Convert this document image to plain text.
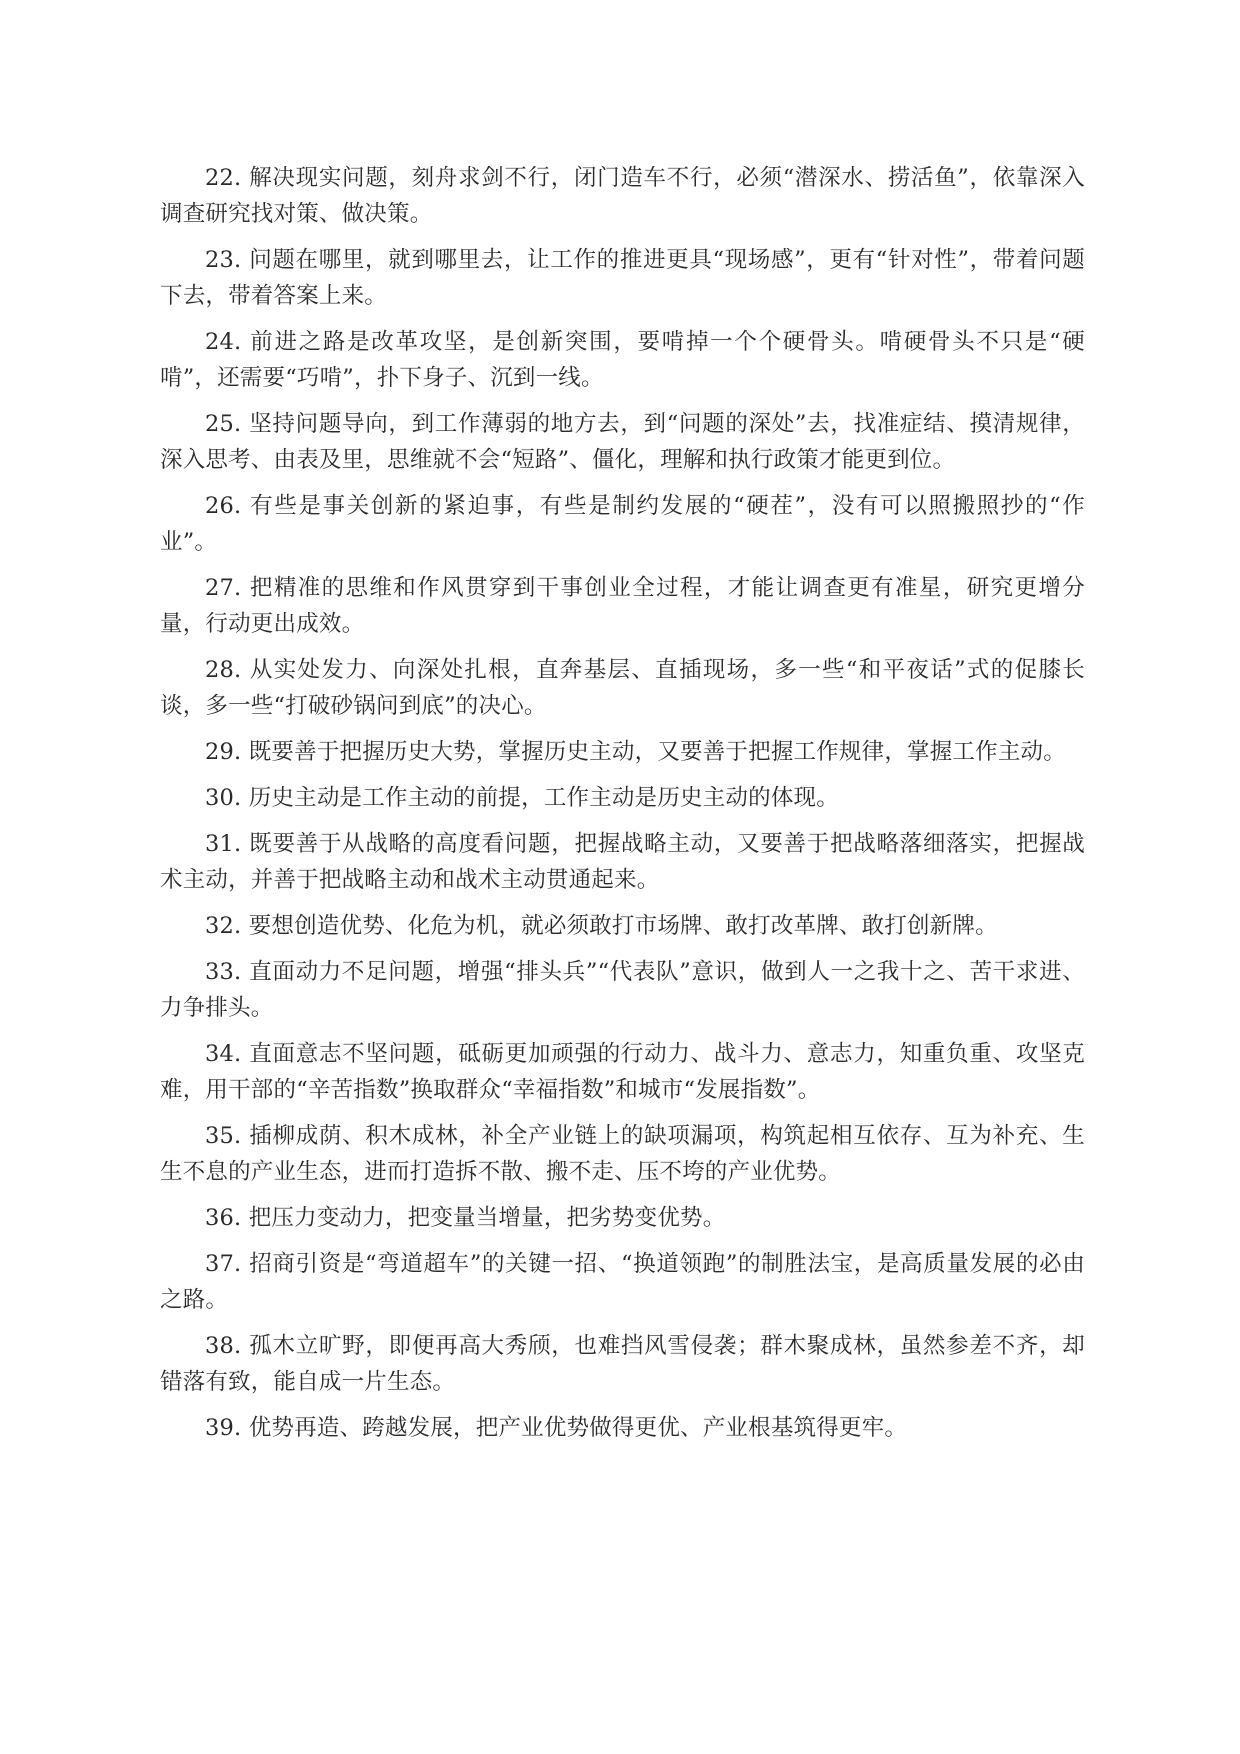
22. 解决现实问题，刻舟求剑不行，闭门造车不行，必须“潜深水、捞活鱼”，依靠深入调查研究找对策、做决策。

23. 问题在哪里，就到哪里去，让工作的推进更具“现场感”，更有“针对性”，带着问题下去，带着答案上来。

24. 前进之路是改革攻坚，是创新突围，要啃掉一个个硬骨头。啃硬骨头不只是“硬啃”，还需要“巧啃”，扑下身子、沉到一线。

25. 坚持问题导向，到工作薄弱的地方去，到“问题的深处”去，找准症结、摸清规律，深入思考、由表及里，思维就不会“短路”、僵化，理解和执行政策才能更到位。

26. 有些是事关创新的紧迫事，有些是制约发展的“硬茬”，没有可以照搬照抄的“作业”。

27. 把精准的思维和作风贯穿到干事创业全过程，才能让调查更有准星，研究更增分量，行动更出成效。

28. 从实处发力、向深处扎根，直奔基层、直插现场，多一些“和平夜话”式的促膝长谈，多一些“打破砂锅问到底”的决心。

29. 既要善于把握历史大势，掌握历史主动，又要善于把握工作规律，掌握工作主动。

30. 历史主动是工作主动的前提，工作主动是历史主动的体现。

31. 既要善于从战略的高度看问题，把握战略主动，又要善于把战略落细落实，把握战术主动，并善于把战略主动和战术主动贯通起来。

32. 要想创造优势、化危为机，就必须敢打市场牌、敢打改革牌、敢打创新牌。

33. 直面动力不足问题，增强“排头兵”“代表队”意识，做到人一之我十之、苦干求进、力争排头。

34. 直面意志不坚问题，砥砺更加顽强的行动力、战斗力、意志力，知重负重、攻坚克难，用干部的“辛苦指数”换取群众“幸福指数”和城市“发展指数”。

35. 插柳成荫、积木成林，补全产业链上的缺项漏项，构筑起相互依存、互为补充、生生不息的产业生态，进而打造拆不散、搬不走、压不垮的产业优势。

36. 把压力变动力，把变量当增量，把劣势变优势。

37. 招商引资是“弯道超车”的关键一招、“换道领跑”的制胜法宝，是高质量发展的必由之路。

38. 孤木立旷野，即便再高大秀颀，也难挡风雪侵袭；群木聚成林，虽然参差不齐，却错落有致，能自成一片生态。

39. 优势再造、跨越发展，把产业优势做得更优、产业根基筑得更牢。
